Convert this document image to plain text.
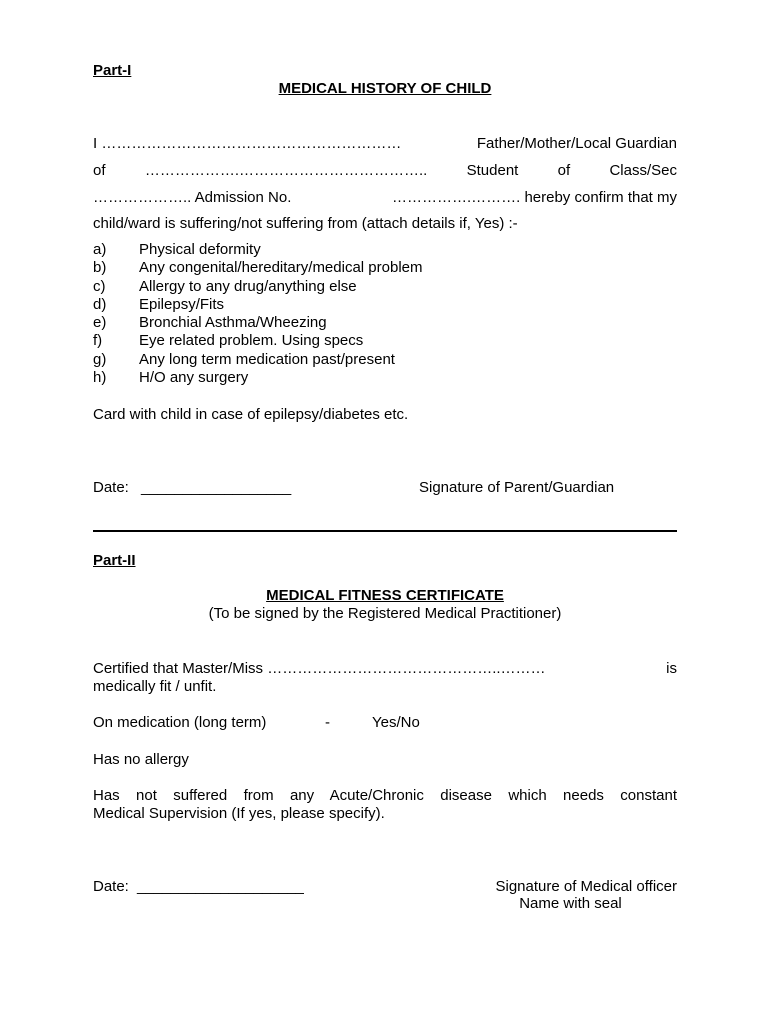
Part-I
MEDICAL HISTORY OF CHILD
I ……………………………………………………	Father/Mother/Local Guardian
of	……………….………………………………..	Student	of	Class/Sec
……………….. Admission No.	…………….………. hereby confirm that my
child/ward is suffering/not suffering from (attach details if, Yes) :-
a) Physical deformity
b) Any congenital/hereditary/medical problem
c) Allergy to any drug/anything else
d) Epilepsy/Fits
e) Bronchial Asthma/Wheezing
f) Eye related problem. Using specs
g) Any long term medication past/present
h) H/O any surgery
Card with child in case of epilepsy/diabetes etc.
Date: __________________	Signature of Parent/Guardian
Part-II
MEDICAL FITNESS CERTIFICATE
(To be signed by the Registered Medical Practitioner)
Certified that Master/Miss ………………………………………..………	is
medically fit / unfit.
On medication (long term)	-	Yes/No
Has no allergy
Has not suffered from any Acute/Chronic disease which needs constant
Medical Supervision (If yes, please specify).
Date: ____________________	Signature of Medical officer
Name with seal
